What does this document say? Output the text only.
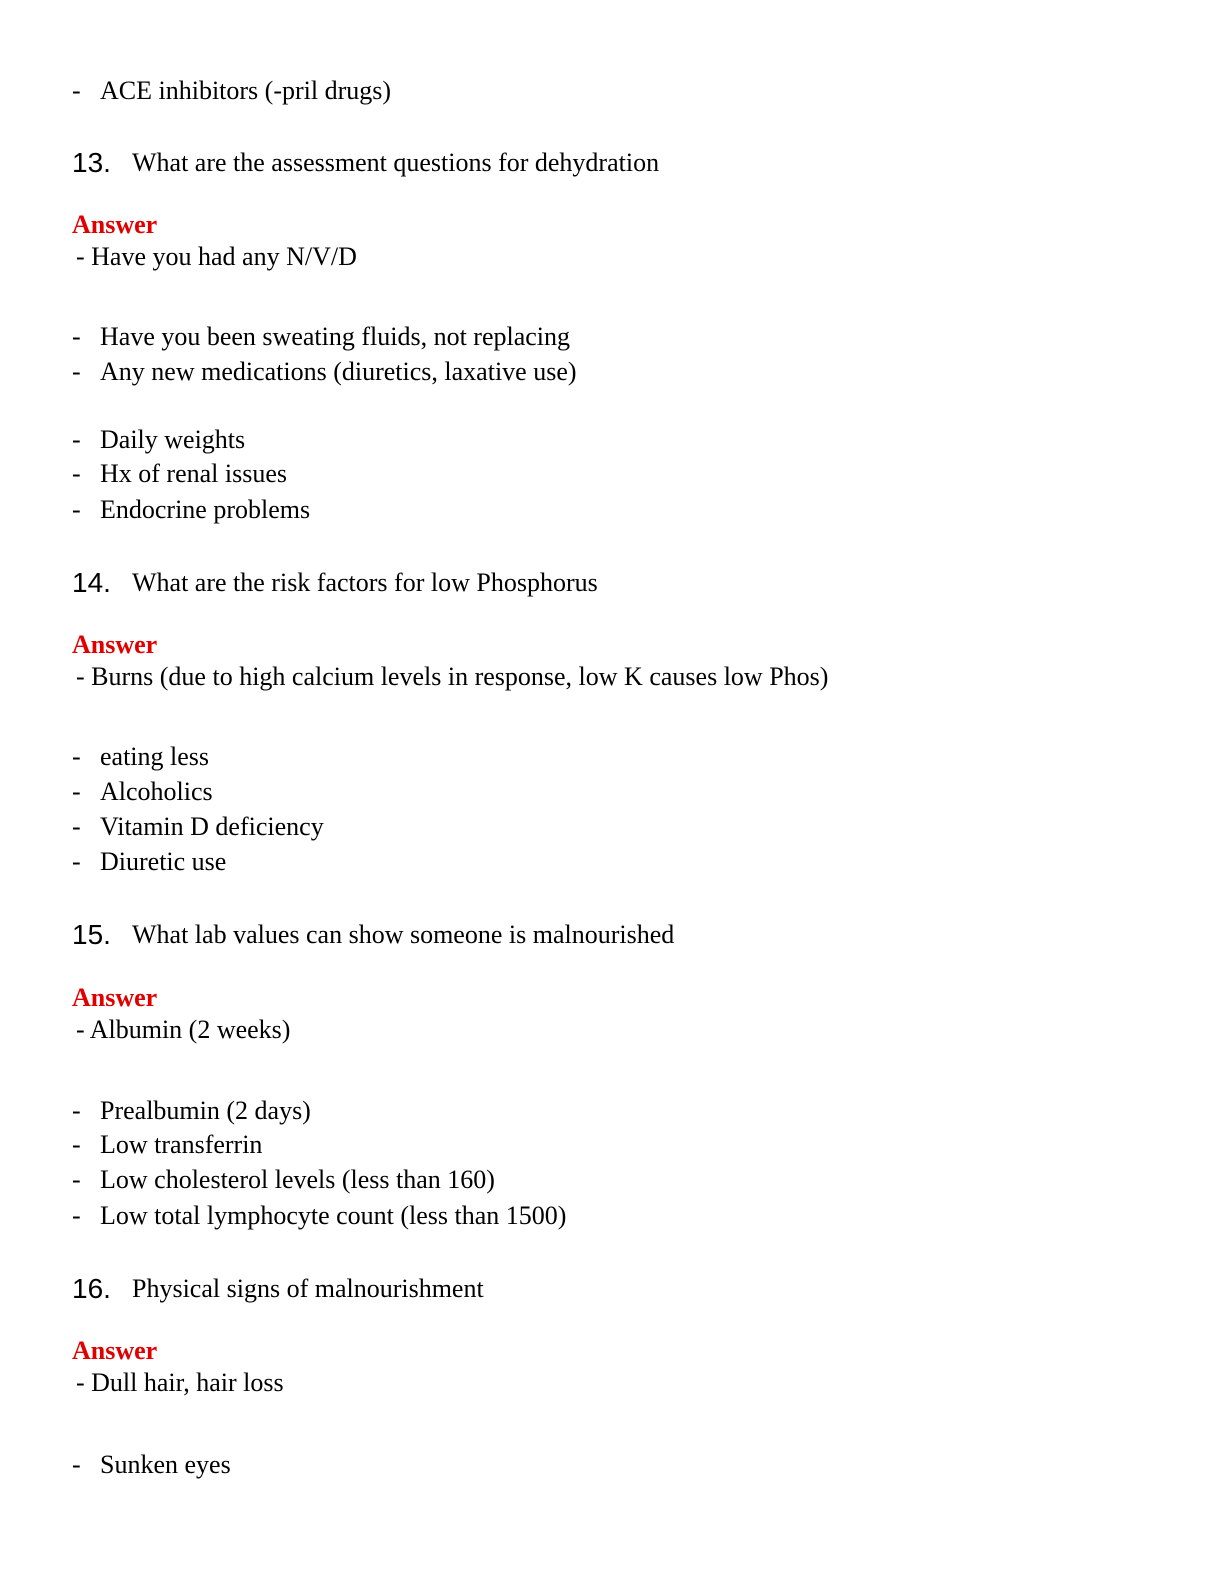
- ACE inhibitors (-pril drugs)
13. What are the assessment questions for dehydration
Answer
- Have you had any N/V/D
- Have you been sweating fluids, not replacing
- Any new medications (diuretics, laxative use)
- Daily weights
- Hx of renal issues
- Endocrine problems
14. What are the risk factors for low Phosphorus
Answer
- Burns (due to high calcium levels in response, low K causes low Phos)
- eating less
- Alcoholics
- Vitamin D deficiency
- Diuretic use
15. What lab values can show someone is malnourished
Answer
- Albumin (2 weeks)
- Prealbumin (2 days)
- Low transferrin
- Low cholesterol levels (less than 160)
- Low total lymphocyte count (less than 1500)
16. Physical signs of malnourishment
Answer
- Dull hair, hair loss
- Sunken eyes
